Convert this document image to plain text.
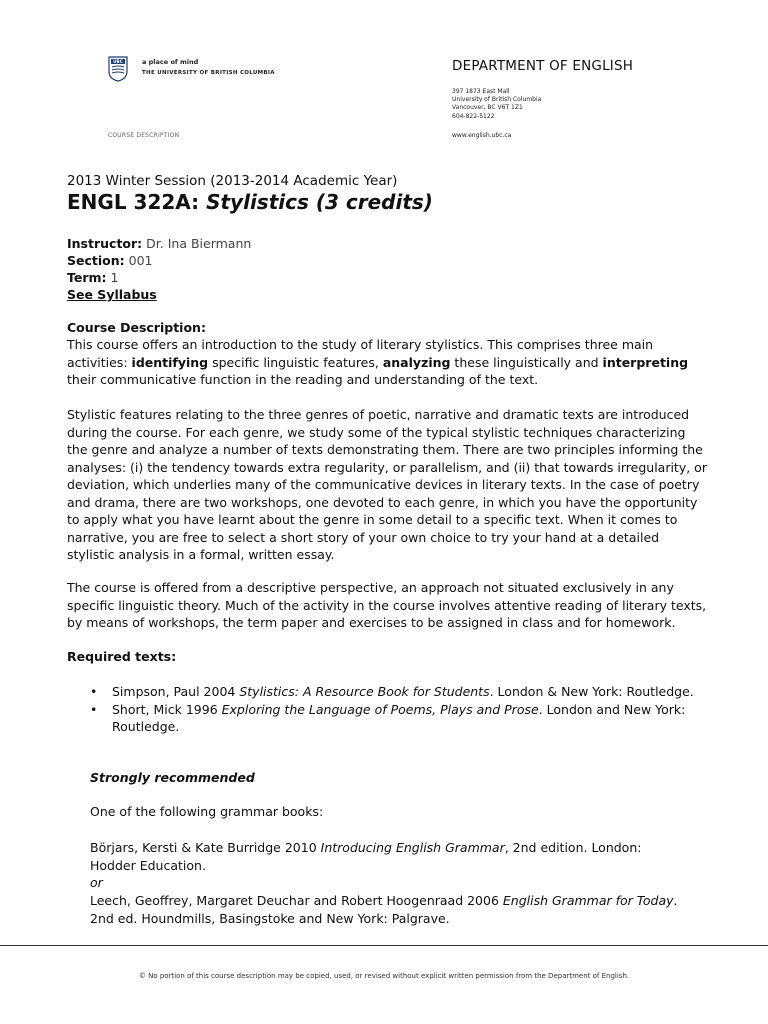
UBC	a place of mind
THE UNIVERSITY OF BRITISH COLUMBIA	DEPARTMENT OF ENGLISH
397 1873 East Mall
University of British Columbia
Vancouver, BC V6T 1Z1
604-822-5122
www.english.ubc.ca
COURSE DESCRIPTION
2013 Winter Session (2013-2014 Academic Year)
ENGL 322A: Stylistics (3 credits)
Instructor: Dr. Ina Biermann
Section: 001
Term: 1
See Syllabus
Course Description:
This course offers an introduction to the study of literary stylistics. This comprises three main activities: identifying specific linguistic features, analyzing these linguistically and interpreting their communicative function in the reading and understanding of the text.
Stylistic features relating to the three genres of poetic, narrative and dramatic texts are introduced during the course. For each genre, we study some of the typical stylistic techniques characterizing the genre and analyze a number of texts demonstrating them. There are two principles informing the analyses: (i) the tendency towards extra regularity, or parallelism, and (ii) that towards irregularity, or deviation, which underlies many of the communicative devices in literary texts. In the case of poetry and drama, there are two workshops, one devoted to each genre, in which you have the opportunity to apply what you have learnt about the genre in some detail to a specific text. When it comes to narrative, you are free to select a short story of your own choice to try your hand at a detailed stylistic analysis in a formal, written essay.
The course is offered from a descriptive perspective, an approach not situated exclusively in any specific linguistic theory. Much of the activity in the course involves attentive reading of literary texts, by means of workshops, the term paper and exercises to be assigned in class and for homework.
Required texts:
• Simpson, Paul 2004 Stylistics: A Resource Book for Students. London & New York: Routledge.
• Short, Mick 1996 Exploring the Language of Poems, Plays and Prose. London and New York: Routledge.
Strongly recommended
One of the following grammar books:
Börjars, Kersti & Kate Burridge 2010 Introducing English Grammar, 2nd edition. London: Hodder Education.
or
Leech, Geoffrey, Margaret Deuchar and Robert Hoogenraad 2006 English Grammar for Today. 2nd ed. Houndmills, Basingstoke and New York: Palgrave.
© No portion of this course description may be copied, used, or revised without explicit written permission from the Department of English.
